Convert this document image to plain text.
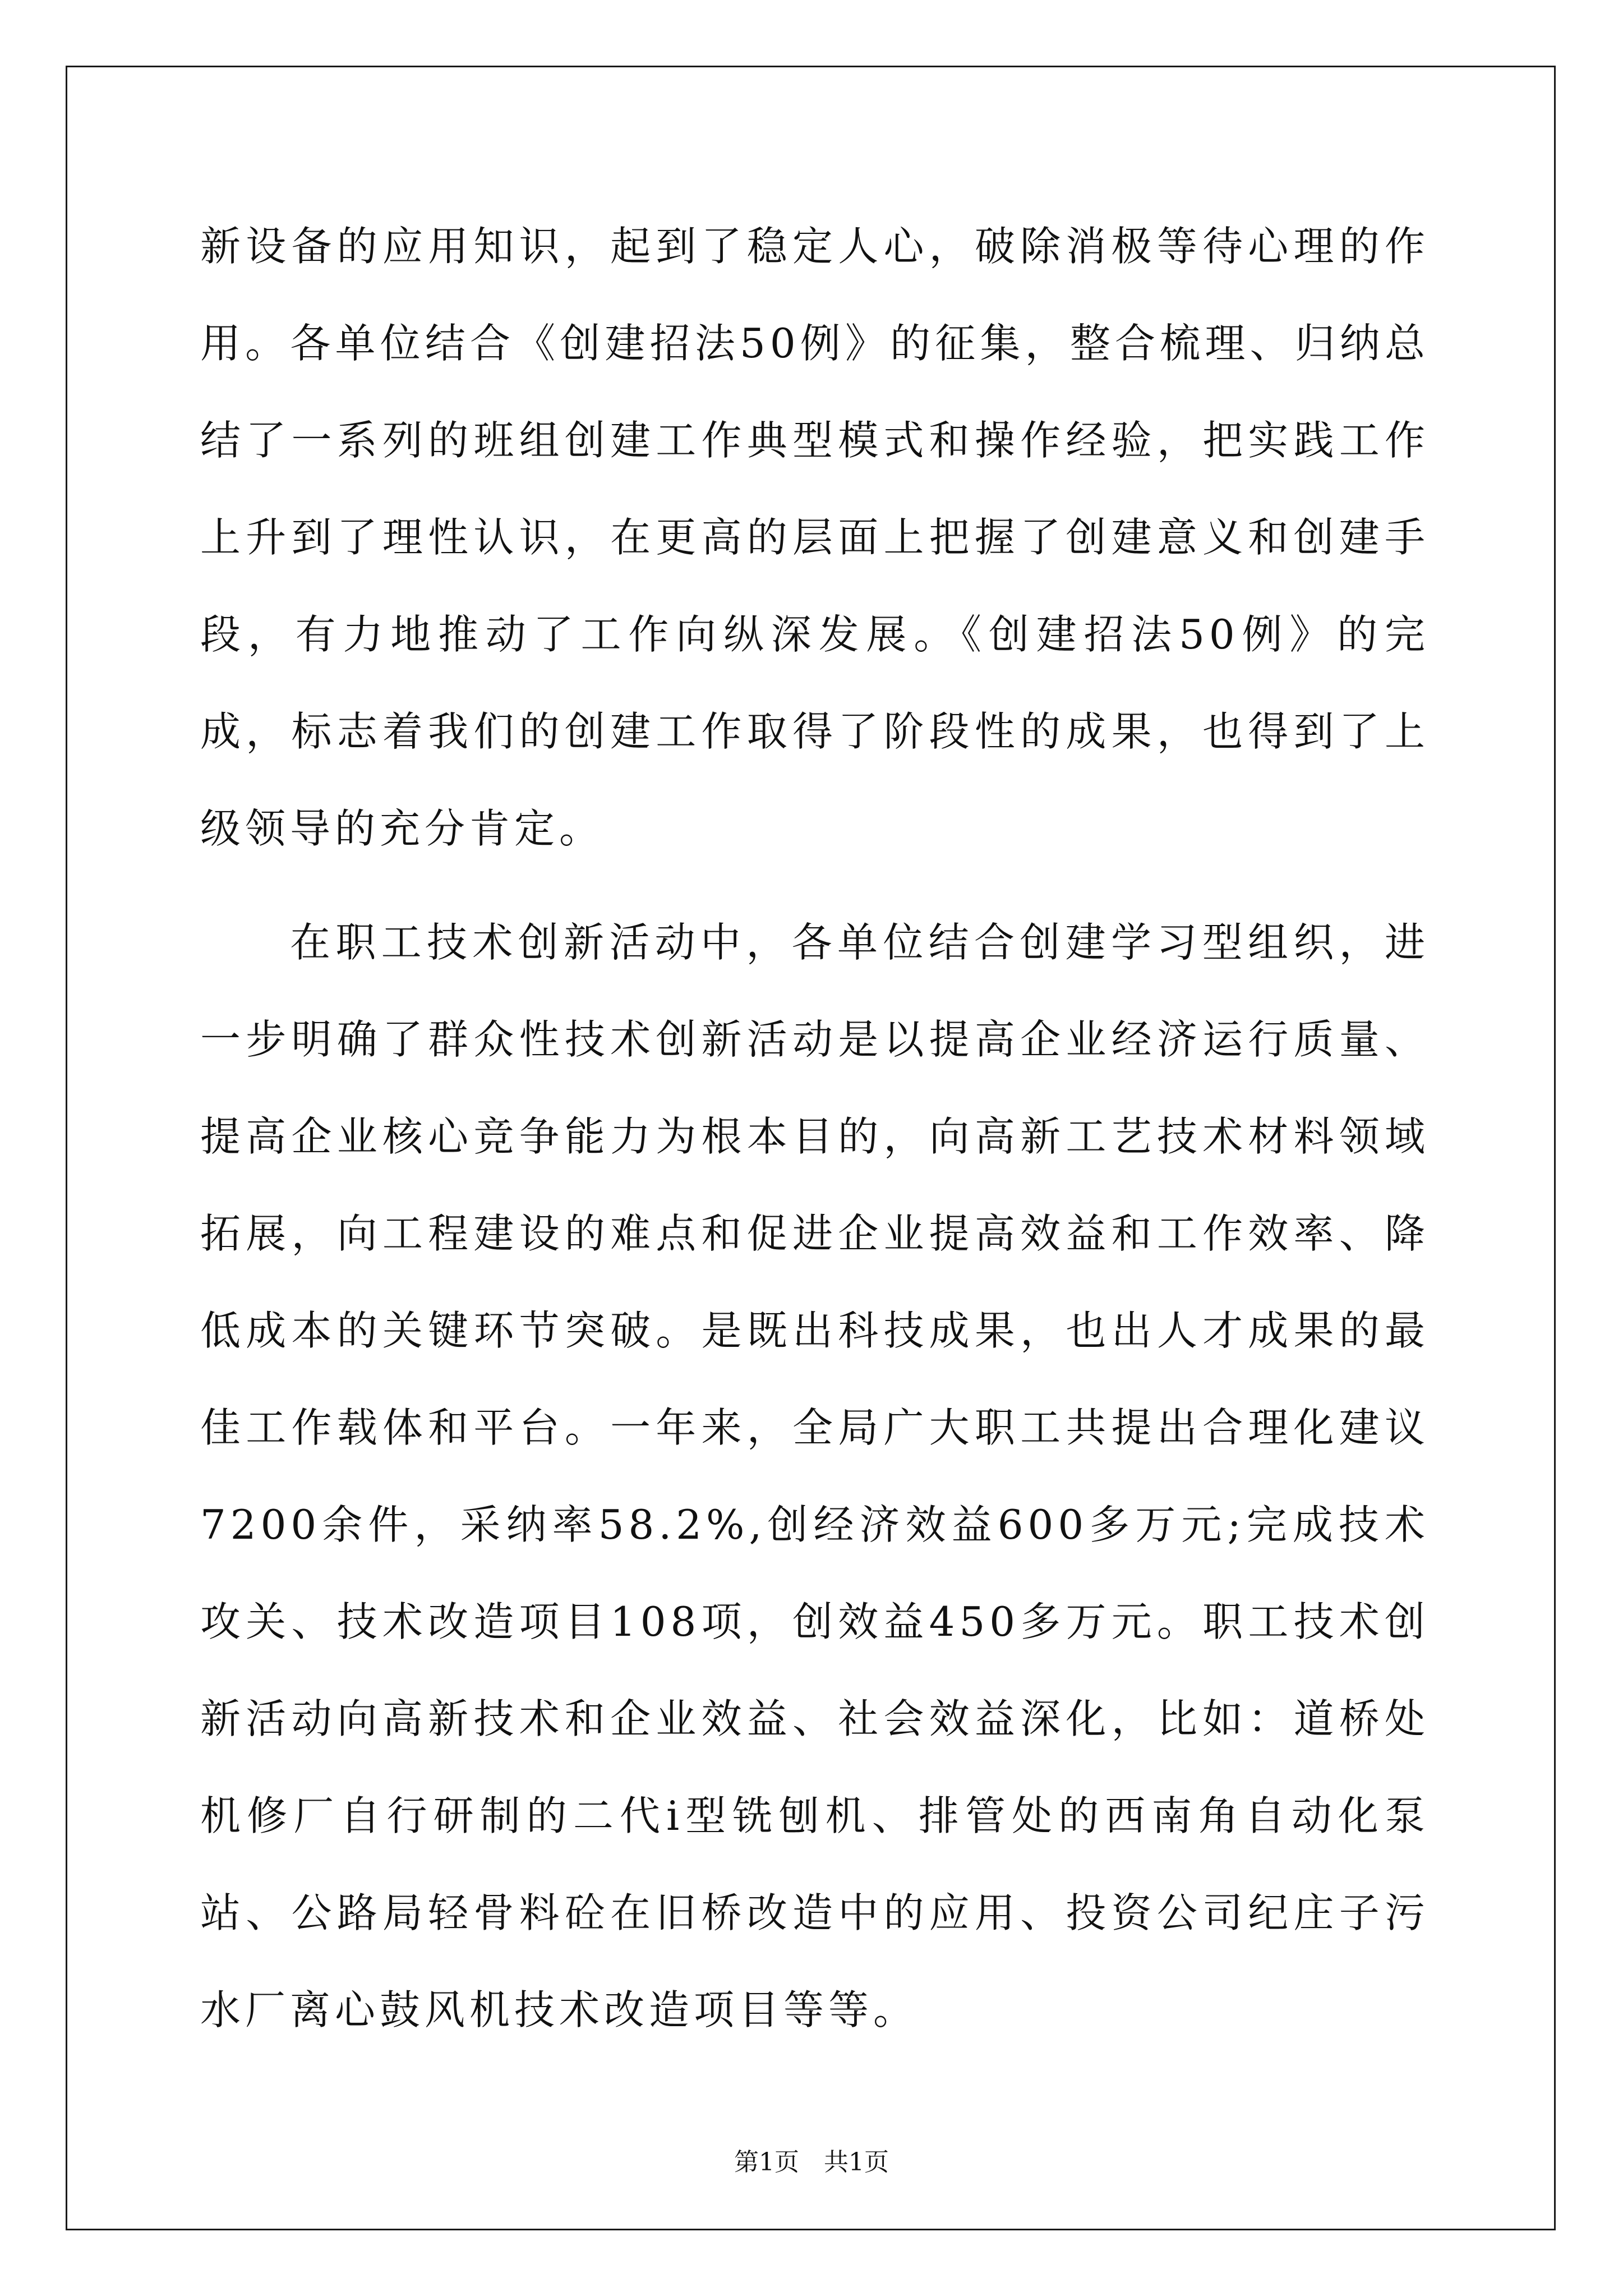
新设备的应用知识，起到了稳定人心，破除消极等待心理的作用。各单位结合《创建招法50例》的征集，整合梳理、归纳总结了一系列的班组创建工作典型模式和操作经验，把实践工作上升到了理性认识，在更高的层面上把握了创建意义和创建手段，有力地推动了工作向纵深发展。《创建招法50例》的完成，标志着我们的创建工作取得了阶段性的成果，也得到了上级领导的充分肯定。

在职工技术创新活动中，各单位结合创建学习型组织，进一步明确了群众性技术创新活动是以提高企业经济运行质量、提高企业核心竞争能力为根本目的，向高新工艺技术材料领域拓展，向工程建设的难点和促进企业提高效益和工作效率、降低成本的关键环节突破。是既出科技成果，也出人才成果的最佳工作载体和平台。一年来，全局广大职工共提出合理化建议7200余件，采纳率58.2%,创经济效益600多万元;完成技术攻关、技术改造项目108项，创效益450多万元。职工技术创新活动向高新技术和企业效益、社会效益深化，比如：道桥处机修厂自行研制的二代ⅰ型铣刨机、排管处的西南角自动化泵站、公路局轻骨料砼在旧桥改造中的应用、投资公司纪庄子污水厂离心鼓风机技术改造项目等等。

第1页 共1页
